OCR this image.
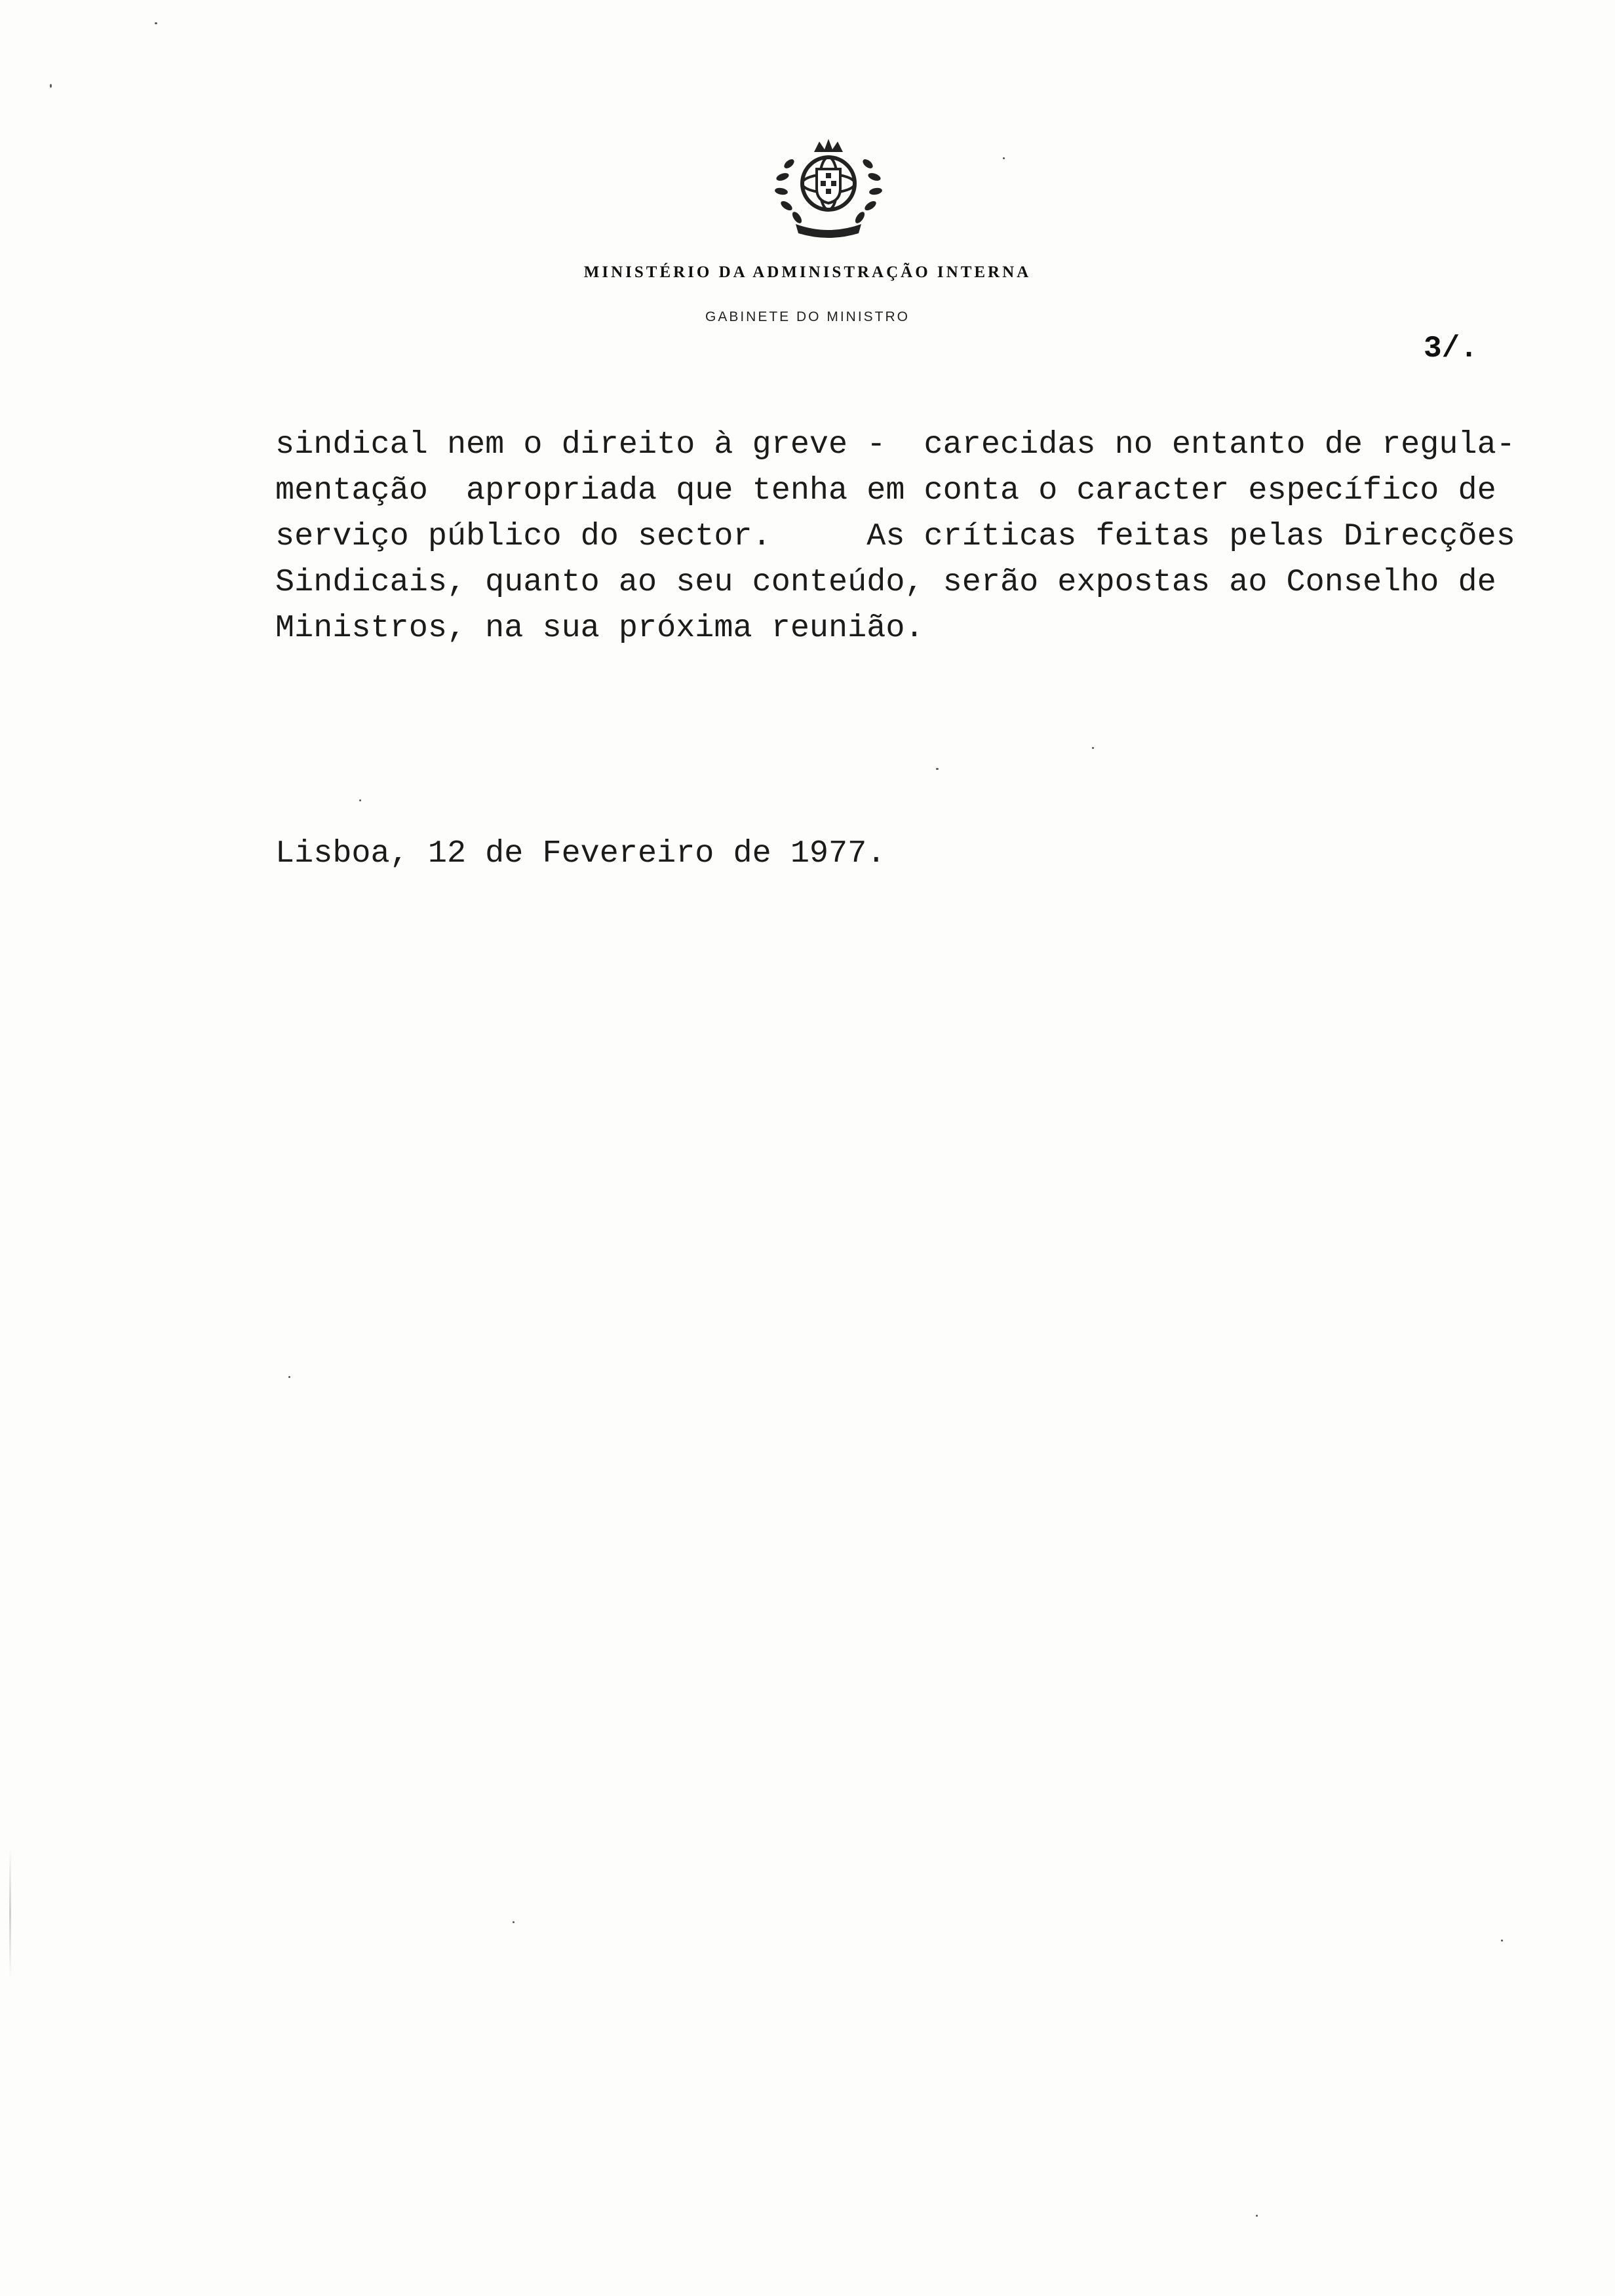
MINISTÉRIO DA ADMINISTRAÇÃO INTERNA
GABINETE DO MINISTRO
3/.
sindical nem o direito à greve -  carecidas no entanto de regula-
mentação  apropriada que tenha em conta o caracter específico de
serviço público do sector.     As críticas feitas pelas Direcções
Sindicais, quanto ao seu conteúdo, serão expostas ao Conselho de
Ministros, na sua próxima reunião.
Lisboa, 12 de Fevereiro de 1977.
